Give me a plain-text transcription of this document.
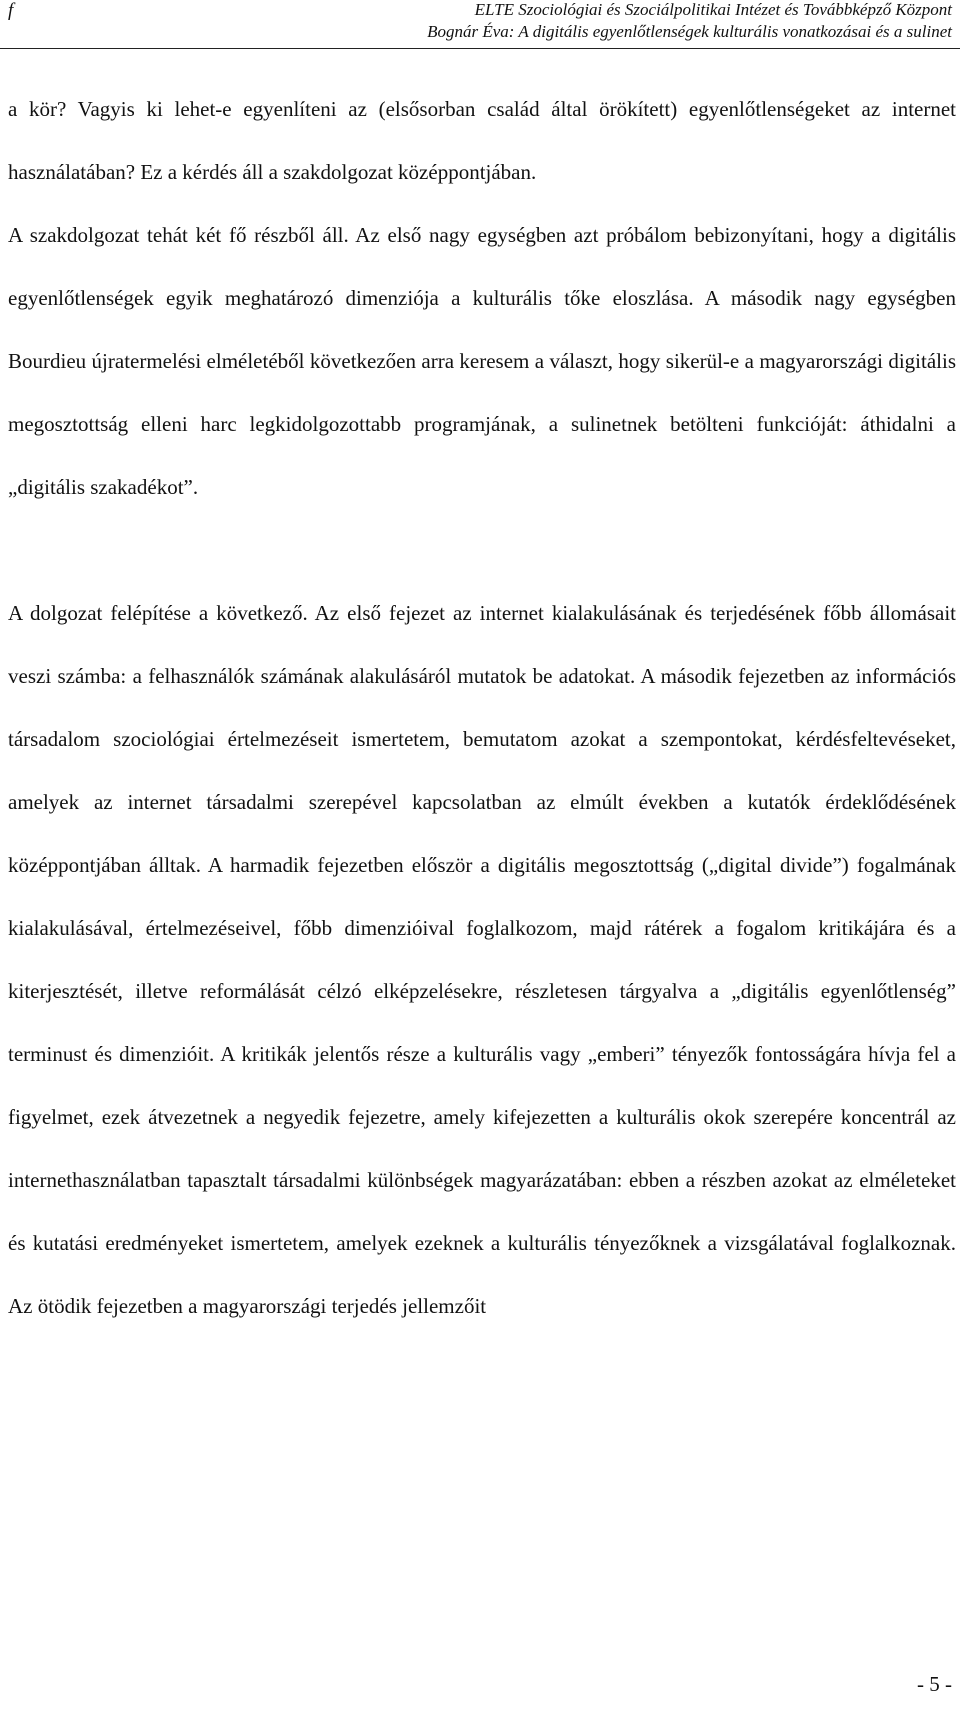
f	ELTE Szociológiai és Szociálpolitikai Intézet és Továbbképző Központ
Bognár Éva: A digitális egyenlőtlenségek kulturális vonatkozásai és a sulinet

a kör? Vagyis ki lehet-e egyenlíteni az (elsősorban család által örökített) egyenlőtlenségeket az internet használatában? Ez a kérdés áll a szakdolgozat középpontjában.

A szakdolgozat tehát két fő részből áll. Az első nagy egységben azt próbálom bebizonyítani, hogy a digitális egyenlőtlenségek egyik meghatározó dimenziója a kulturális tőke eloszlása. A második nagy egységben Bourdieu újratermelési elméletéből következően arra keresem a választ, hogy sikerül-e a magyarországi digitális megosztottság elleni harc legkidolgozottabb programjának, a sulinetnek betölteni funkcióját: áthidalni a „digitális szakadékot”.

A dolgozat felépítése a következő. Az első fejezet az internet kialakulásának és terjedésének főbb állomásait veszi számba: a felhasználók számának alakulásáról mutatok be adatokat. A második fejezetben az információs társadalom szociológiai értelmezéseit ismertetem, bemutatom azokat a szempontokat, kérdésfeltevéseket, amelyek az internet társadalmi szerepével kapcsolatban az elmúlt években a kutatók érdeklődésének középpontjában álltak. A harmadik fejezetben először a digitális megosztottság („digital divide”) fogalmának kialakulásával, értelmezéseivel, főbb dimenzióival foglalkozom, majd rátérek a fogalom kritikájára és a kiterjesztését, illetve reformálását célzó elképzelésekre, részletesen tárgyalva a „digitális egyenlőtlenség” terminust és dimenzióit. A kritikák jelentős része a kulturális vagy „emberi” tényezők fontosságára hívja fel a figyelmet, ezek átvezetnek a negyedik fejezetre, amely kifejezetten a kulturális okok szerepére koncentrál az internethasználatban tapasztalt társadalmi különbségek magyarázatában: ebben a részben azokat az elméleteket és kutatási eredményeket ismertetem, amelyek ezeknek a kulturális tényezőknek a vizsgálatával foglalkoznak. Az ötödik fejezetben a magyarországi terjedés jellemzőit

- 5 -
